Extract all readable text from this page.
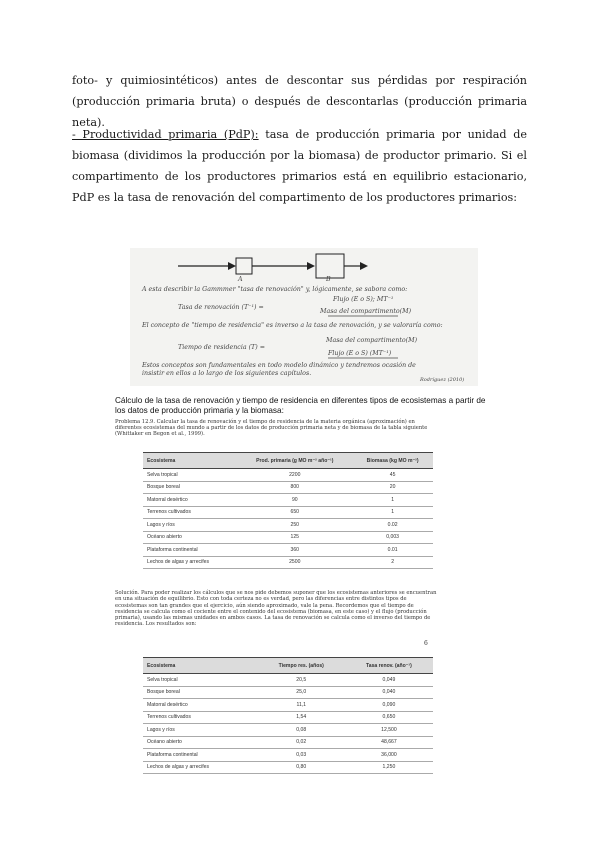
foto- y quimiosintéticos) antes de descontar sus pérdidas por respiración (producción primaria bruta) o después de descontarlas (producción primaria neta).

- Productividad primaria (PdP): tasa de producción primaria por unidad de biomasa (dividimos la producción por la biomasa) de productor primario. Si el compartimento de los productores primarios está en equilibrio estacionario, PdP es la tasa de renovación del compartimento de los productores primarios:

A	B
A esta describir la Gammmer "tasa de renovación" y, lógicamente, se sabora como:
Tasa de renovación (T⁻¹) =
Flujo (E o S); MT⁻¹
Masa del compartimento(M)
El concepto de "tiempo de residencia" es inverso a la tasa de renovación, y se valoraría como:
Tiempo de residencia (T) =
Masa del compartimento(M)
Flujo (E o S) (MT⁻¹)
Estos conceptos son fundamentales en todo modelo dinámico y tendremos ocasión de
insistir en ellos a lo largo de los siguientes capítulos.
Rodríguez (2010)
Cálculo de la tasa de renovación y tiempo de residencia en diferentes tipos de ecosistemas a partir de los datos de producción primaria y la biomasa:
Problema 12.9. Calcular la tasa de renovación y el tiempo de residencia de la materia orgánica (aproximación) en diferentes ecosistemas del mundo a partir de los datos de producción primaria neta y de biomasa de la tabla siguiente (Whittaker en Begon et al., 1999).
Ecosistema	Prod. primaria (g MO m⁻² año⁻¹)	Biomasa (kg MO m⁻²)
Selva tropical	2200	45
Bosque boreal	800	20
Matorral desértico	90	1
Terrenos cultivados	650	1
Lagos y ríos	250	0.02
Océano abierto	125	0,003
Plataforma continental	360	0.01
Lechos de algas y arrecifes	2500	2
Solución. Para poder realizar los cálculos que se nos pide debemos suponer que los ecosistemas anteriores se encuentran en una situación de equilibrio. Esto con toda certeza no es verdad, pero las diferencias entre distintos tipos de ecosistemas son tan grandes que el ejercicio, aún siendo aproximado, vale la pena. Recordemos que el tiempo de residencia se calcula como el cociente entre el contenido del ecosistema (biomasa, en este caso) y el flujo (producción primaria), usando las mismas unidades en ambos casos. La tasa de renovación se calcula como el inverso del tiempo de residencia. Los resultados son:
6
Ecosistema	Tiempo res. (años)	Tasa renov. (año⁻¹)
Selva tropical	20,5	0,049
Bosque boreal	25,0	0,040
Matorral desértico	11,1	0,090
Terrenos cultivados	1,54	0,650
Lagos y ríos	0,08	12,500
Océano abierto	0,02	48,667
Plataforma continental	0,03	36,000
Lechos de algas y arrecifes	0,80	1,250
